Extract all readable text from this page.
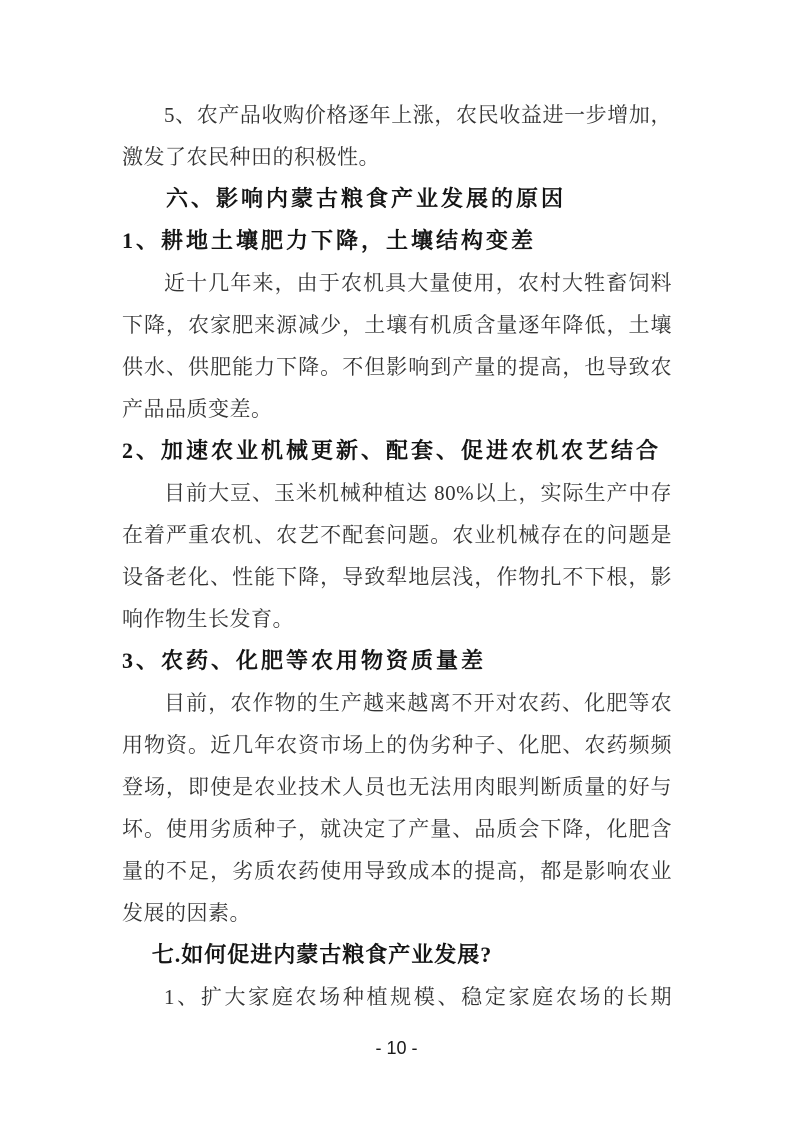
5、农产品收购价格逐年上涨，农民收益进一步增加，激发了农民种田的积极性。

六、影响内蒙古粮食产业发展的原因

1、耕地土壤肥力下降，土壤结构变差

近十几年来，由于农机具大量使用，农村大牲畜饲料下降，农家肥来源减少，土壤有机质含量逐年降低，土壤供水、供肥能力下降。不但影响到产量的提高，也导致农产品品质变差。

2、加速农业机械更新、配套、促进农机农艺结合

目前大豆、玉米机械种植达 80%以上，实际生产中存在着严重农机、农艺不配套问题。农业机械存在的问题是设备老化、性能下降，导致犁地层浅，作物扎不下根，影响作物生长发育。

3、农药、化肥等农用物资质量差

目前，农作物的生产越来越离不开对农药、化肥等农用物资。近几年农资市场上的伪劣种子、化肥、农药频频登场，即使是农业技术人员也无法用肉眼判断质量的好与坏。使用劣质种子，就决定了产量、品质会下降，化肥含量的不足，劣质农药使用导致成本的提高，都是影响农业发展的因素。

七.如何促进内蒙古粮食产业发展?

1、扩大家庭农场种植规模、稳定家庭农场的长期

- 10 -
